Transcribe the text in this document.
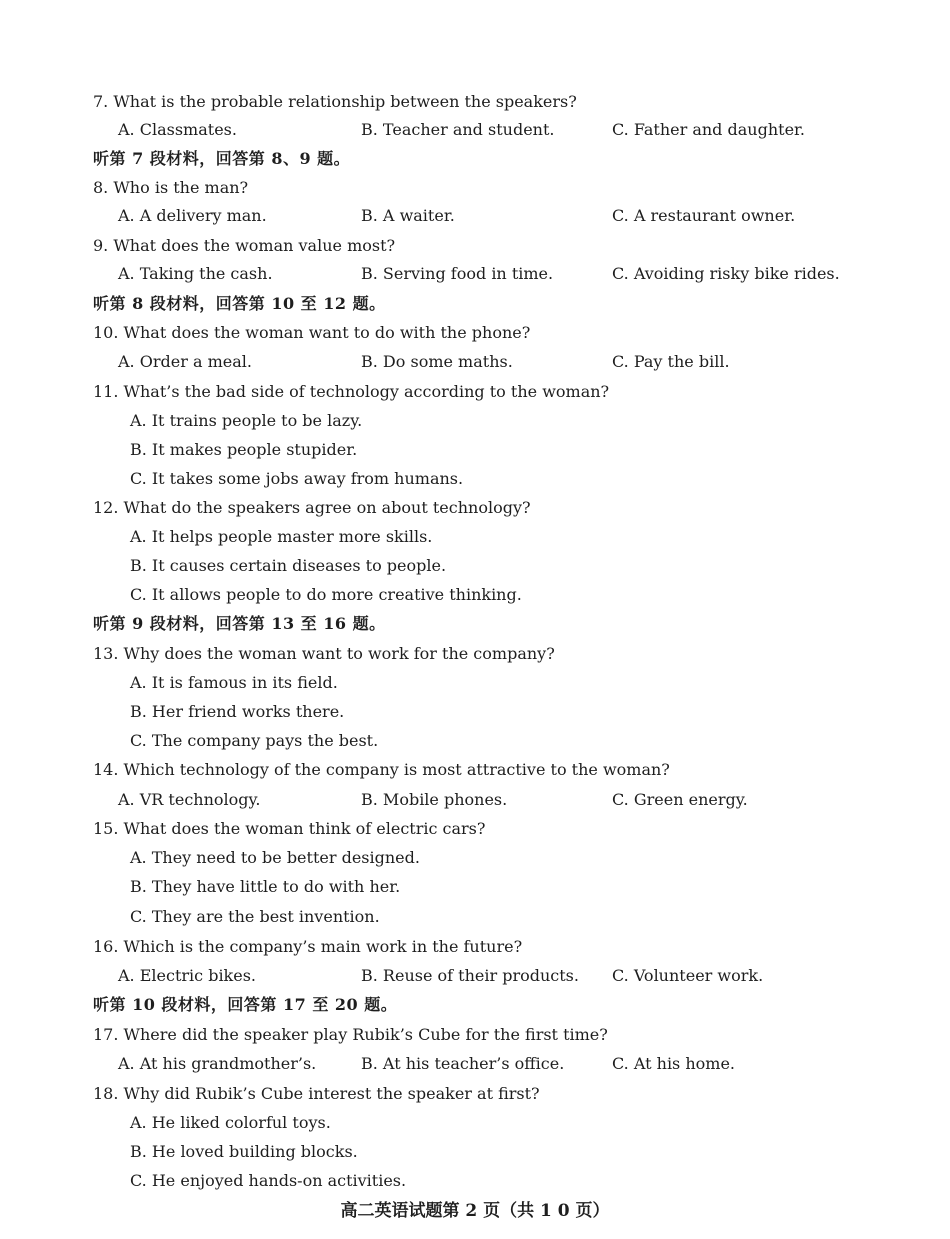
7. What is the probable relationship between the speakers?
A. Classmates.	B. Teacher and student.	C. Father and daughter.
听第 7 段材料，回答第 8、9 题。
8. Who is the man?
A. A delivery man.	B. A waiter.	C. A restaurant owner.
9. What does the woman value most?
A. Taking the cash.	B. Serving food in time.	C. Avoiding risky bike rides.
听第 8 段材料，回答第 10 至 12 题。
10. What does the woman want to do with the phone?
A. Order a meal.	B. Do some maths.	C. Pay the bill.
11. What’s the bad side of technology according to the woman?
A. It trains people to be lazy.
B. It makes people stupider.
C. It takes some jobs away from humans.
12. What do the speakers agree on about technology?
A. It helps people master more skills.
B. It causes certain diseases to people.
C. It allows people to do more creative thinking.
听第 9 段材料，回答第 13 至 16 题。
13. Why does the woman want to work for the company?
A. It is famous in its field.
B. Her friend works there.
C. The company pays the best.
14. Which technology of the company is most attractive to the woman?
A. VR technology.	B. Mobile phones.	C. Green energy.
15. What does the woman think of electric cars?
A. They need to be better designed.
B. They have little to do with her.
C. They are the best invention.
16. Which is the company’s main work in the future?
A. Electric bikes.	B. Reuse of their products. C. Volunteer work.
听第 10 段材料，回答第 17 至 20 题。
17. Where did the speaker play Rubik’s Cube for the first time?
A. At his grandmother’s.	B. At his teacher’s office.	C. At his home.
18. Why did Rubik’s Cube interest the speaker at first?
A. He liked colorful toys.
B. He loved building blocks.
C. He enjoyed hands-on activities.
高二英语试题第 2 页（共 1 0 页）
